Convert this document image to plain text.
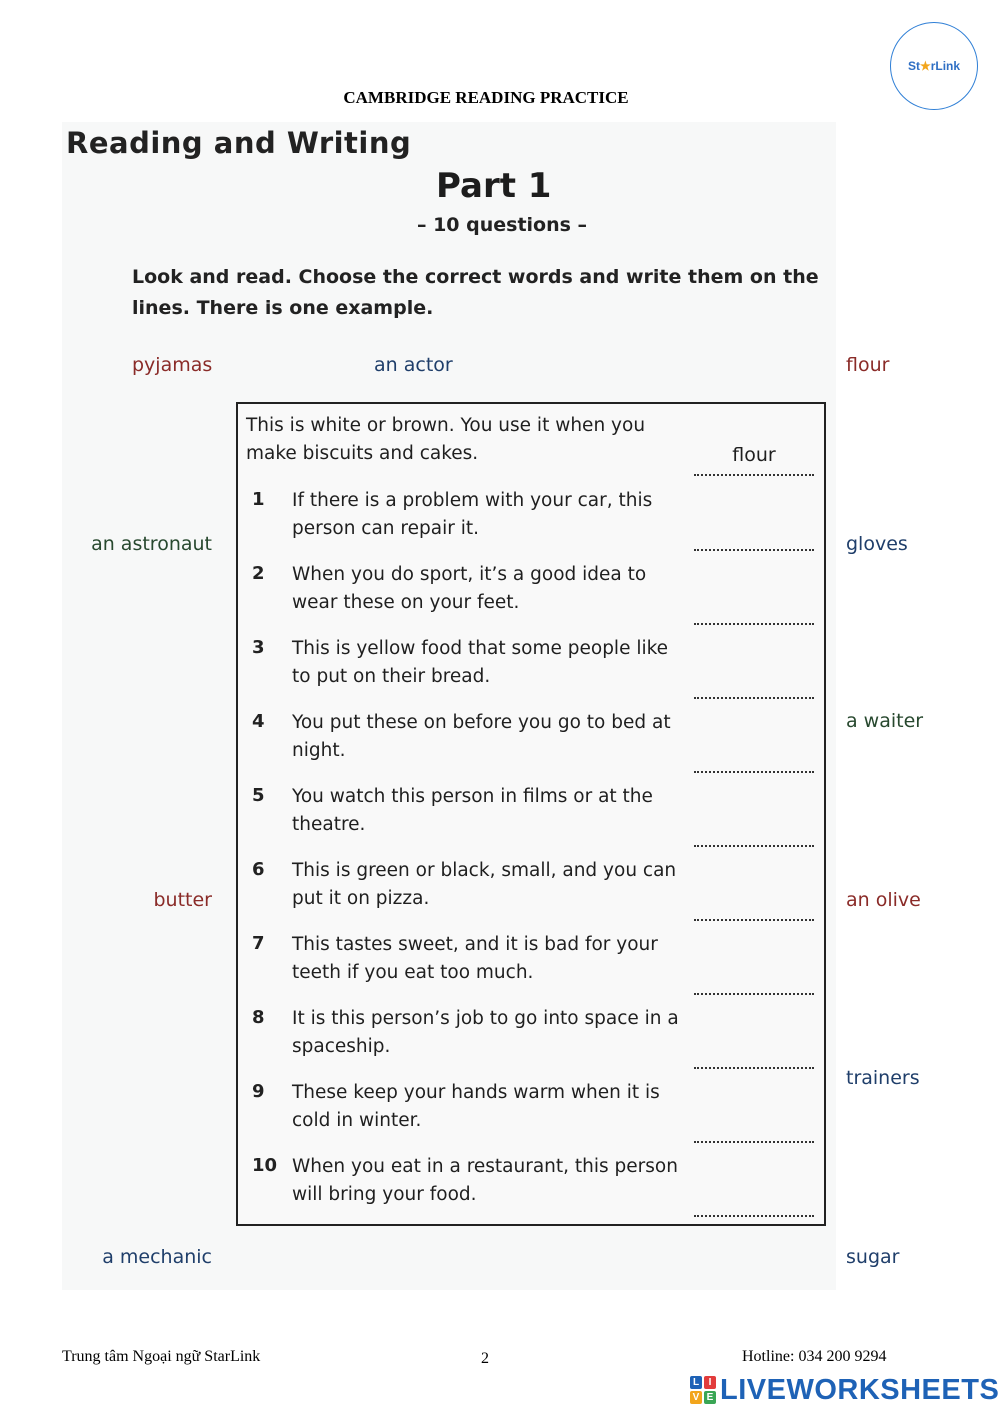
St★rLink
CAMBRIDGE READING PRACTICE
Reading and Writing
Part 1
– 10 questions –
Look and read. Choose the correct words and write them on the lines. There is one example.
pyjamas	an actor	flour
an astronaut	gloves
a waiter
butter	an olive
trainers
a mechanic	sugar
This is white or brown. You use it when you make biscuits and cakes.	flour
1 If there is a problem with your car, this person can repair it.
2 When you do sport, it’s a good idea to wear these on your feet.
3 This is yellow food that some people like to put on their bread.
4 You put these on before you go to bed at night.
5 You watch this person in films or at the theatre.
6 This is green or black, small, and you can put it on pizza.
7 This tastes sweet, and it is bad for your teeth if you eat too much.
8 It is this person’s job to go into space in a spaceship.
9 These keep your hands warm when it is cold in winter.
10 When you eat in a restaurant, this person will bring your food.
Trung tâm Ngoại ngữ StarLink	2	Hotline: 034 200 9294
L I
V E LIVEWORKSHEETS
